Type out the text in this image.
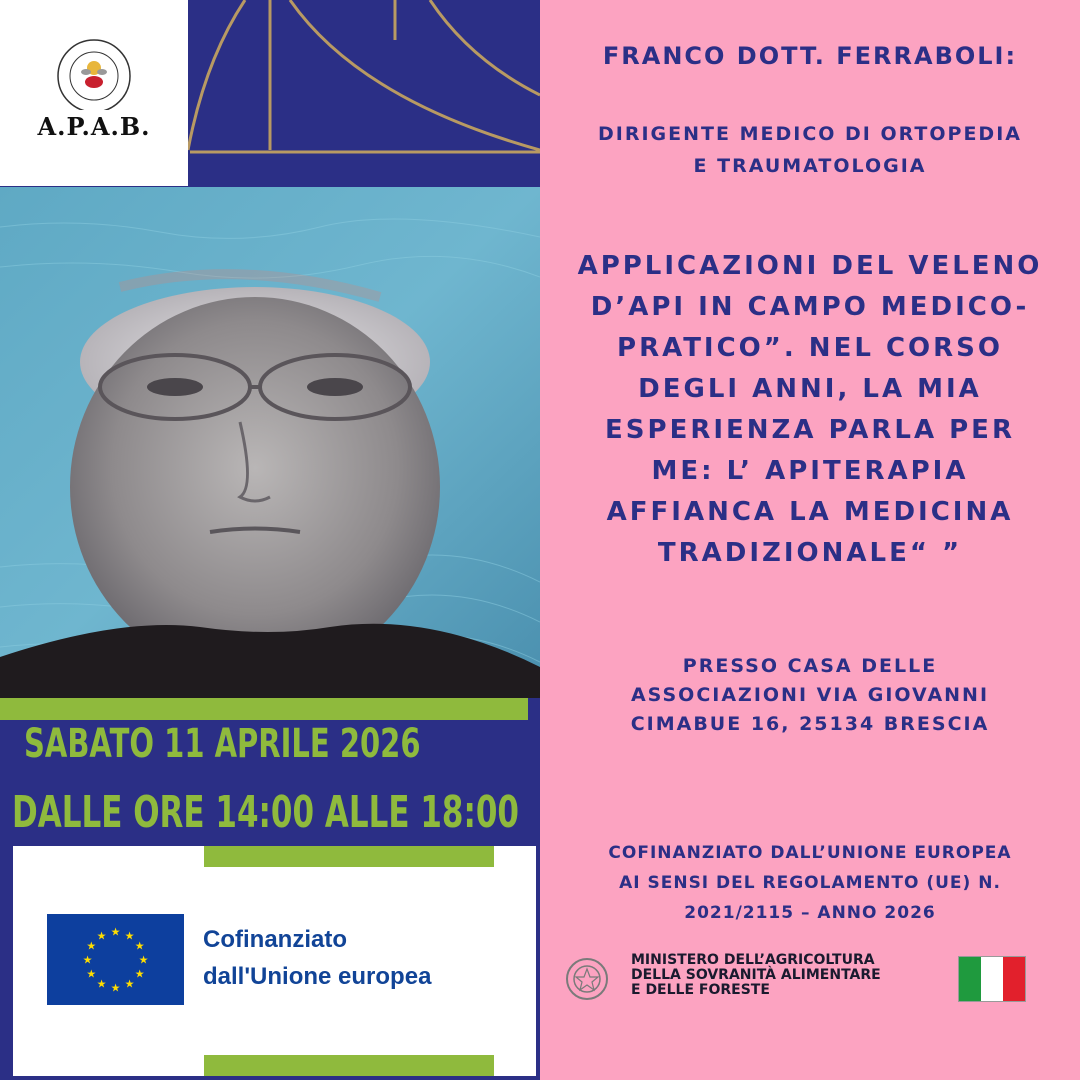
A.P.A.B.
SABATO 11 APRILE 2026
DALLE ORE 14:00 ALLE 18:00
★ ★
★
★
★
★
★
★
★
★
★
★	Cofinanziato
dall'Unione europea
FRANCO DOTT. FERRABOLI:
DIRIGENTE MEDICO DI ORTOPEDIA
E TRAUMATOLOGIA
APPLICAZIONI DEL VELENO
D’API IN CAMPO MEDICO-
PRATICO”. NEL CORSO
DEGLI ANNI, LA MIA
ESPERIENZA PARLA PER
ME: L’ APITERAPIA
AFFIANCA LA MEDICINA
TRADIZIONALE“ ”
PRESSO CASA DELLE
ASSOCIAZIONI VIA GIOVANNI
CIMABUE 16, 25134 BRESCIA
COFINANZIATO DALL’UNIONE EUROPEA
AI SENSI DEL REGOLAMENTO (UE) N.
2021/2115 – ANNO 2026
MINISTERO DELL’AGRICOLTURA
DELLA SOVRANITÀ ALIMENTARE
E DELLE FORESTE
